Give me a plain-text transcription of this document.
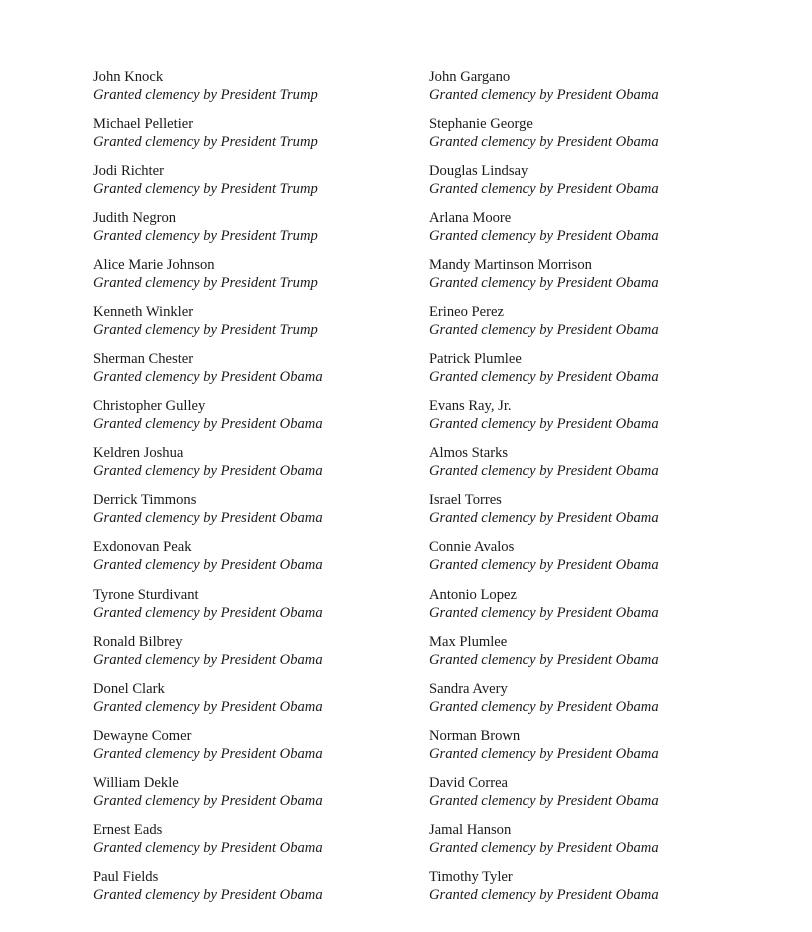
John Knock
Granted clemency by President Trump
Michael Pelletier
Granted clemency by President Trump
Jodi Richter
Granted clemency by President Trump
Judith Negron
Granted clemency by President Trump
Alice Marie Johnson
Granted clemency by President Trump
Kenneth Winkler
Granted clemency by President Trump
Sherman Chester
Granted clemency by President Obama
Christopher Gulley
Granted clemency by President Obama
Keldren Joshua
Granted clemency by President Obama
Derrick Timmons
Granted clemency by President Obama
Exdonovan Peak
Granted clemency by President Obama
Tyrone Sturdivant
Granted clemency by President Obama
Ronald Bilbrey
Granted clemency by President Obama
Donel Clark
Granted clemency by President Obama
Dewayne Comer
Granted clemency by President Obama
William Dekle
Granted clemency by President Obama
Ernest Eads
Granted clemency by President Obama
Paul Fields
Granted clemency by President Obama
John Gargano
Granted clemency by President Obama
Stephanie George
Granted clemency by President Obama
Douglas Lindsay
Granted clemency by President Obama
Arlana Moore
Granted clemency by President Obama
Mandy Martinson Morrison
Granted clemency by President Obama
Erineo Perez
Granted clemency by President Obama
Patrick Plumlee
Granted clemency by President Obama
Evans Ray, Jr.
Granted clemency by President Obama
Almos Starks
Granted clemency by President Obama
Israel Torres
Granted clemency by President Obama
Connie Avalos
Granted clemency by President Obama
Antonio Lopez
Granted clemency by President Obama
Max Plumlee
Granted clemency by President Obama
Sandra Avery
Granted clemency by President Obama
Norman Brown
Granted clemency by President Obama
David Correa
Granted clemency by President Obama
Jamal Hanson
Granted clemency by President Obama
Timothy Tyler
Granted clemency by President Obama
